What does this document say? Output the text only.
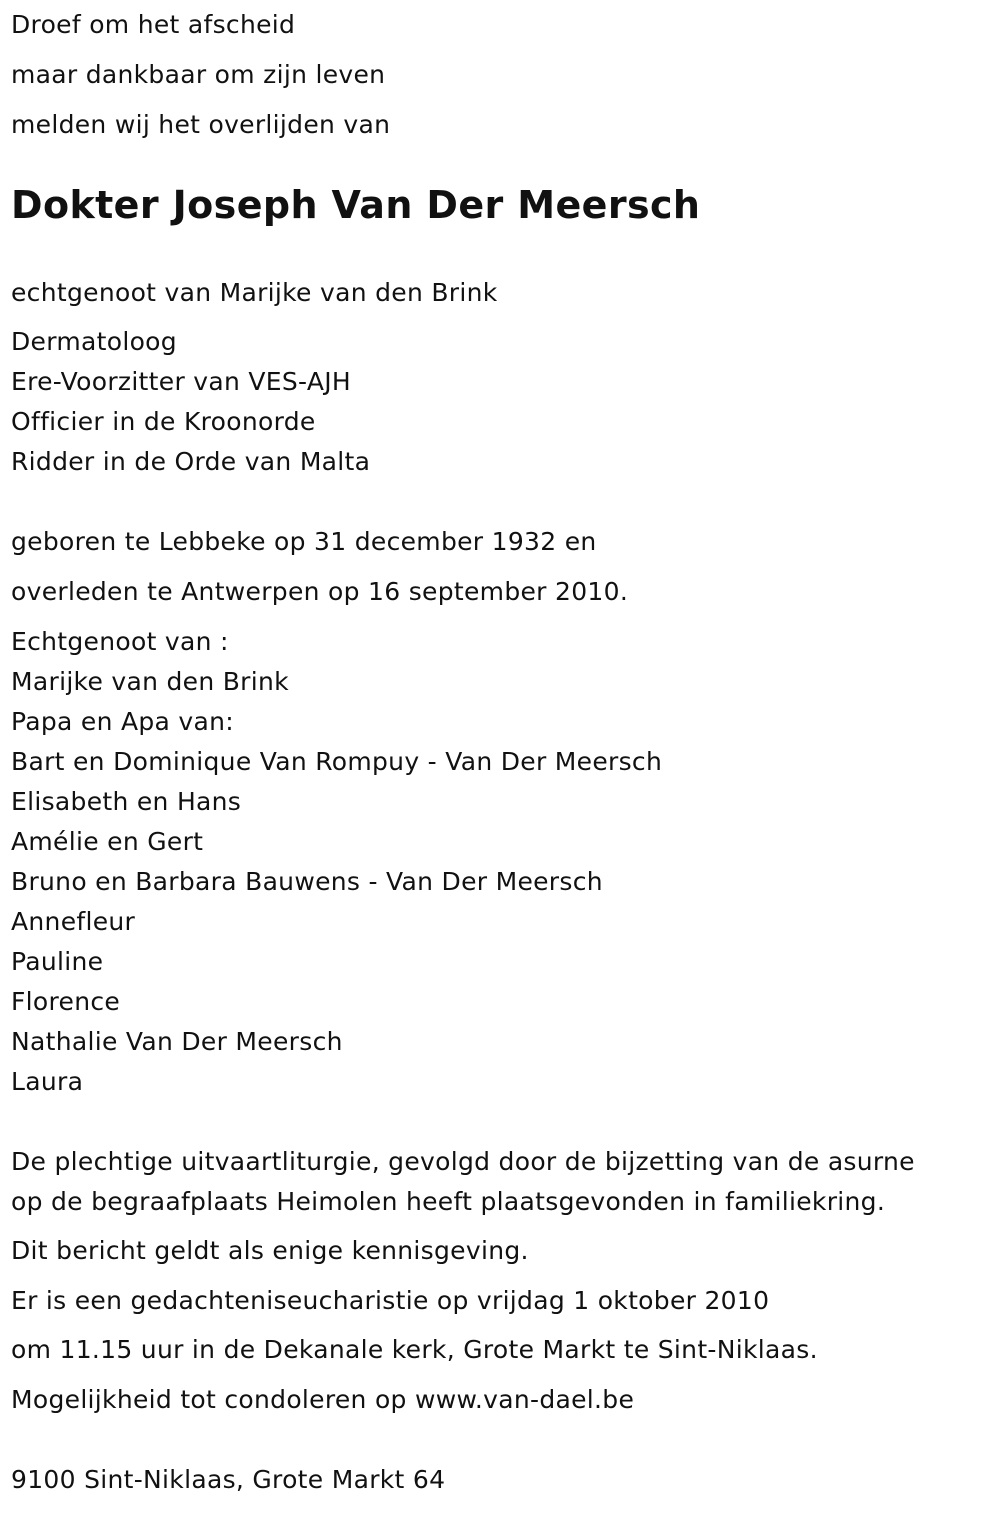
Droef om het afscheid
maar dankbaar om zijn leven
melden wij het overlijden van
Dokter Joseph Van Der Meersch
echtgenoot van Marijke van den Brink
Dermatoloog
Ere-Voorzitter van VES-AJH
Officier in de Kroonorde
Ridder in de Orde van Malta
geboren te Lebbeke op 31 december 1932 en
overleden te Antwerpen op 16 september 2010.
Echtgenoot van :
Marijke van den Brink
Papa en Apa van:
Bart en Dominique Van Rompuy - Van Der Meersch
Elisabeth en Hans
Amélie en Gert
Bruno en Barbara Bauwens - Van Der Meersch
Annefleur
Pauline
Florence
Nathalie Van Der Meersch
Laura
De plechtige uitvaartliturgie, gevolgd door de bijzetting van de asurne
op de begraafplaats Heimolen heeft plaatsgevonden in familiekring.
Dit bericht geldt als enige kennisgeving.
Er is een gedachteniseucharistie op vrijdag 1 oktober 2010
om 11.15 uur in de Dekanale kerk, Grote Markt te Sint-Niklaas.
Mogelijkheid tot condoleren op www.van-dael.be
9100 Sint-Niklaas, Grote Markt 64
